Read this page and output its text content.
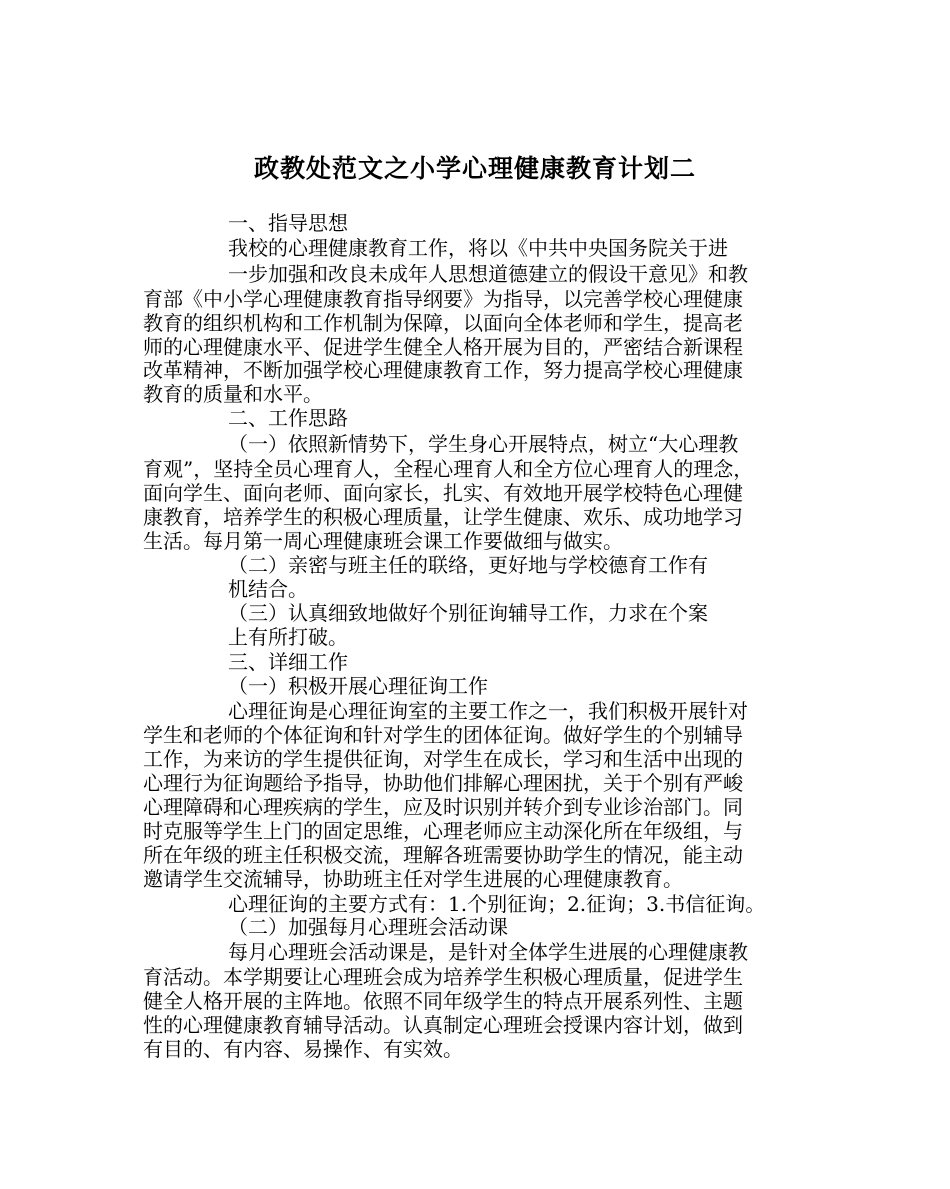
政教处范文之小学心理健康教育计划二

一、指导思想

我校的心理健康教育工作，将以《中共中央国务院关于进

一步加强和改良未成年人思想道德建立的假设干意见》和教

育部《中小学心理健康教育指导纲要》为指导，以完善学校心理健康

教育的组织机构和工作机制为保障，以面向全体老师和学生，提高老

师的心理健康水平、促进学生健全人格开展为目的，严密结合新课程

改革精神，不断加强学校心理健康教育工作，努力提高学校心理健康

教育的质量和水平。

二、工作思路

（一）依照新情势下，学生身心开展特点，树立“大心理教

育观”，坚持全员心理育人，全程心理育人和全方位心理育人的理念，

面向学生、面向老师、面向家长，扎实、有效地开展学校特色心理健

康教育，培养学生的积极心理质量，让学生健康、欢乐、成功地学习

生活。每月第一周心理健康班会课工作要做细与做实。

（二）亲密与班主任的联络，更好地与学校德育工作有

机结合。

（三）认真细致地做好个别征询辅导工作，力求在个案

上有所打破。

三、详细工作

（一）积极开展心理征询工作

心理征询是心理征询室的主要工作之一，我们积极开展针对

学生和老师的个体征询和针对学生的团体征询。做好学生的个别辅导

工作，为来访的学生提供征询，对学生在成长，学习和生活中出现的

心理行为征询题给予指导，协助他们排解心理困扰，关于个别有严峻

心理障碍和心理疾病的学生，应及时识别并转介到专业诊治部门。同

时克服等学生上门的固定思维，心理老师应主动深化所在年级组，与

所在年级的班主任积极交流，理解各班需要协助学生的情况，能主动

邀请学生交流辅导，协助班主任对学生进展的心理健康教育。

心理征询的主要方式有：1.个别征询；2.征询；3.书信征询。

（二）加强每月心理班会活动课

每月心理班会活动课是，是针对全体学生进展的心理健康教

育活动。本学期要让心理班会成为培养学生积极心理质量，促进学生

健全人格开展的主阵地。依照不同年级学生的特点开展系列性、主题

性的心理健康教育辅导活动。认真制定心理班会授课内容计划，做到

有目的、有内容、易操作、有实效。
